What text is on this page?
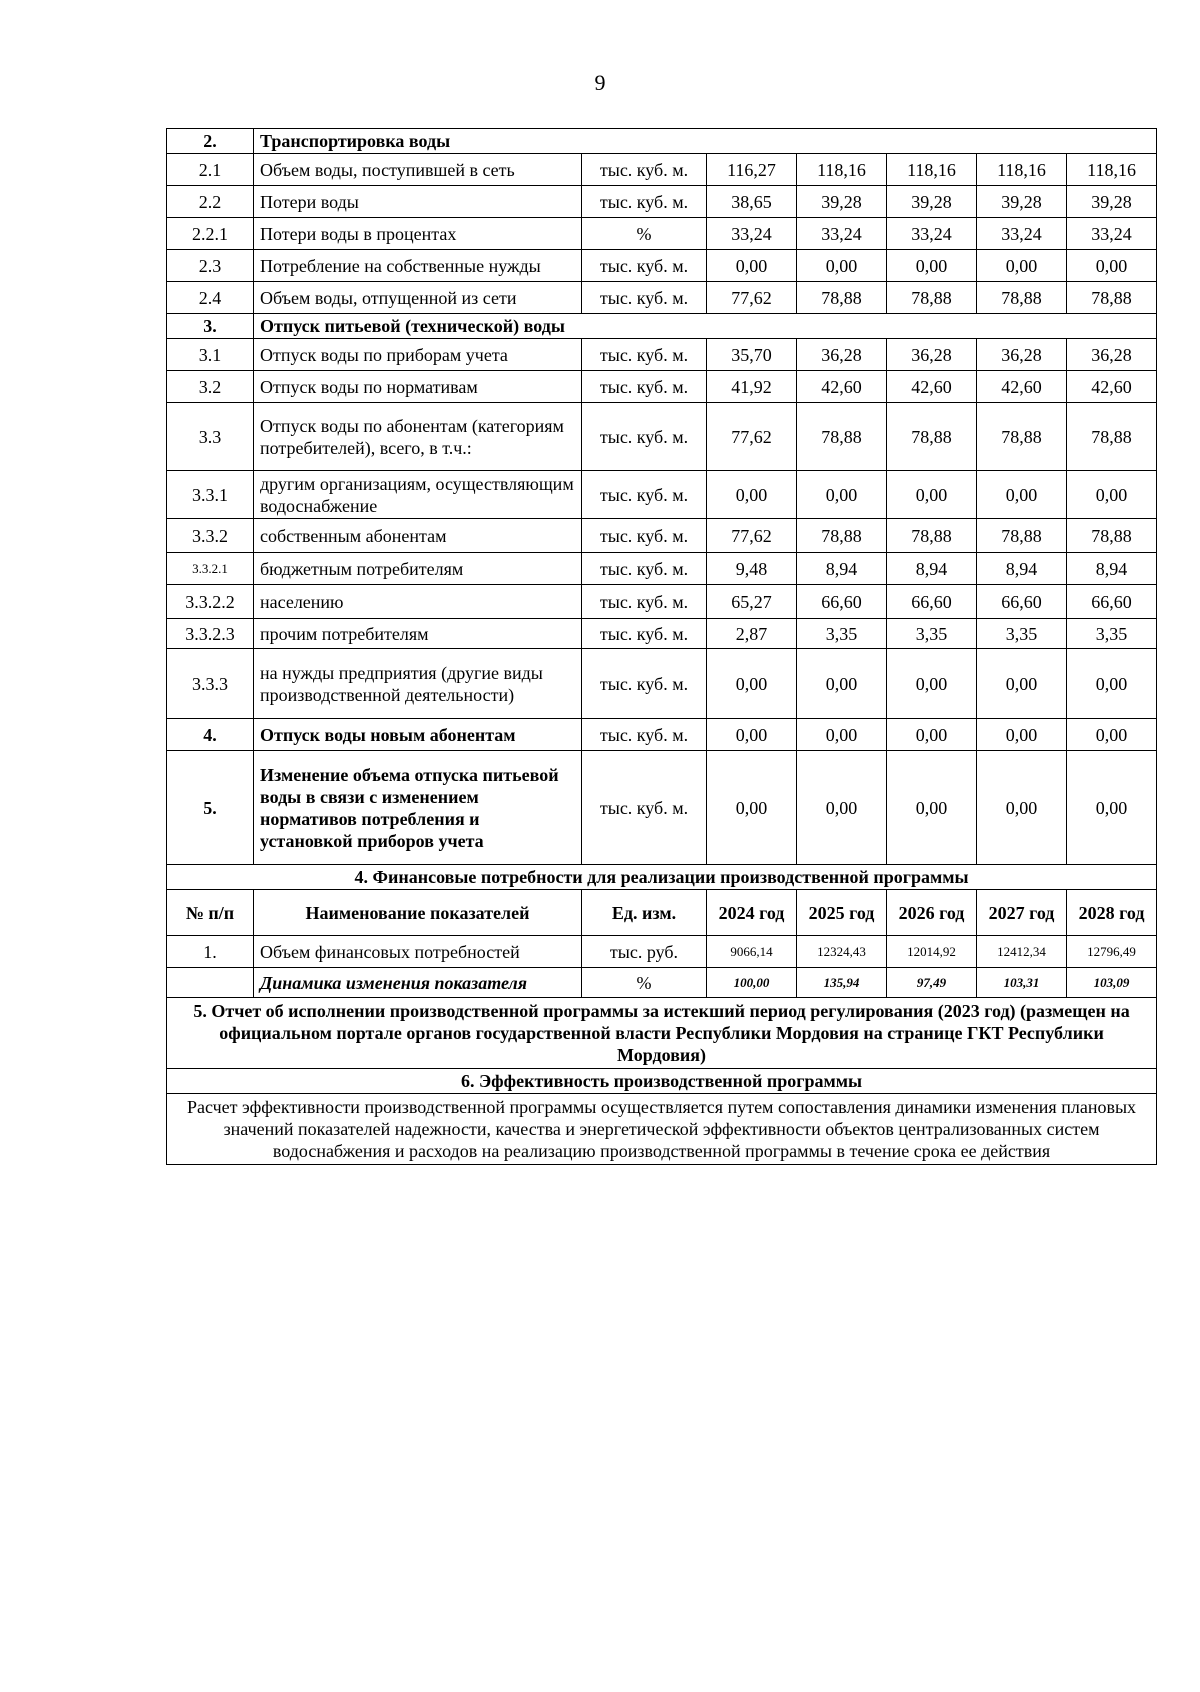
9
2.	Транспортировка воды						
2.1	Объем воды, поступившей в сеть	тыс. куб. м.	116,27	118,16	118,16	118,16	118,16
2.2	Потери воды	тыс. куб. м.	38,65	39,28	39,28	39,28	39,28
2.2.1	Потери воды в процентах	%	33,24	33,24	33,24	33,24	33,24
2.3	Потребление на собственные нужды	тыс. куб. м.	0,00	0,00	0,00	0,00	0,00
2.4	Объем воды, отпущенной из сети	тыс. куб. м.	77,62	78,88	78,88	78,88	78,88
3.	Отпуск питьевой (технической) воды						
3.1	Отпуск воды по приборам учета	тыс. куб. м.	35,70	36,28	36,28	36,28	36,28
3.2	Отпуск воды по нормативам	тыс. куб. м.	41,92	42,60	42,60	42,60	42,60
3.3	Отпуск воды по абонентам (категориям потребителей), всего, в т.ч.:	тыс. куб. м.	77,62	78,88	78,88	78,88	78,88
3.3.1	другим организациям, осуществляющим водоснабжение	тыс. куб. м.	0,00	0,00	0,00	0,00	0,00
3.3.2	собственным абонентам	тыс. куб. м.	77,62	78,88	78,88	78,88	78,88
3.3.2.1	бюджетным потребителям	тыс. куб. м.	9,48	8,94	8,94	8,94	8,94
3.3.2.2	населению	тыс. куб. м.	65,27	66,60	66,60	66,60	66,60
3.3.2.3	прочим потребителям	тыс. куб. м.	2,87	3,35	3,35	3,35	3,35
3.3.3	на нужды предприятия (другие виды производственной деятельности)	тыс. куб. м.	0,00	0,00	0,00	0,00	0,00
4.	Отпуск воды новым абонентам	тыс. куб. м.	0,00	0,00	0,00	0,00	0,00
5.	Изменение объема отпуска питьевой воды в связи с изменением нормативов потребления и установкой приборов учета	тыс. куб. м.	0,00	0,00	0,00	0,00	0,00
4. Финансовые потребности для реализации производственной программы							
№ п/п	Наименование показателей	Ед. изм.	2024 год	2025 год	2026 год	2027 год	2028 год
1.	Объем финансовых потребностей	тыс. руб.	9066,14	12324,43	12014,92	12412,34	12796,49
	Динамика изменения показателя	%	100,00	135,94	97,49	103,31	103,09
5. Отчет об исполнении производственной программы за истекший период регулирования (2023 год) (размещен на официальном портале органов государственной власти Республики Мордовия на странице ГКТ Республики Мордовия)							
6. Эффективность производственной программы							
Расчет эффективности производственной программы осуществляется путем сопоставления динамики изменения плановых значений показателей надежности, качества и энергетической эффективности объектов централизованных систем водоснабжения и расходов на реализацию производственной программы в течение срока ее действия							
